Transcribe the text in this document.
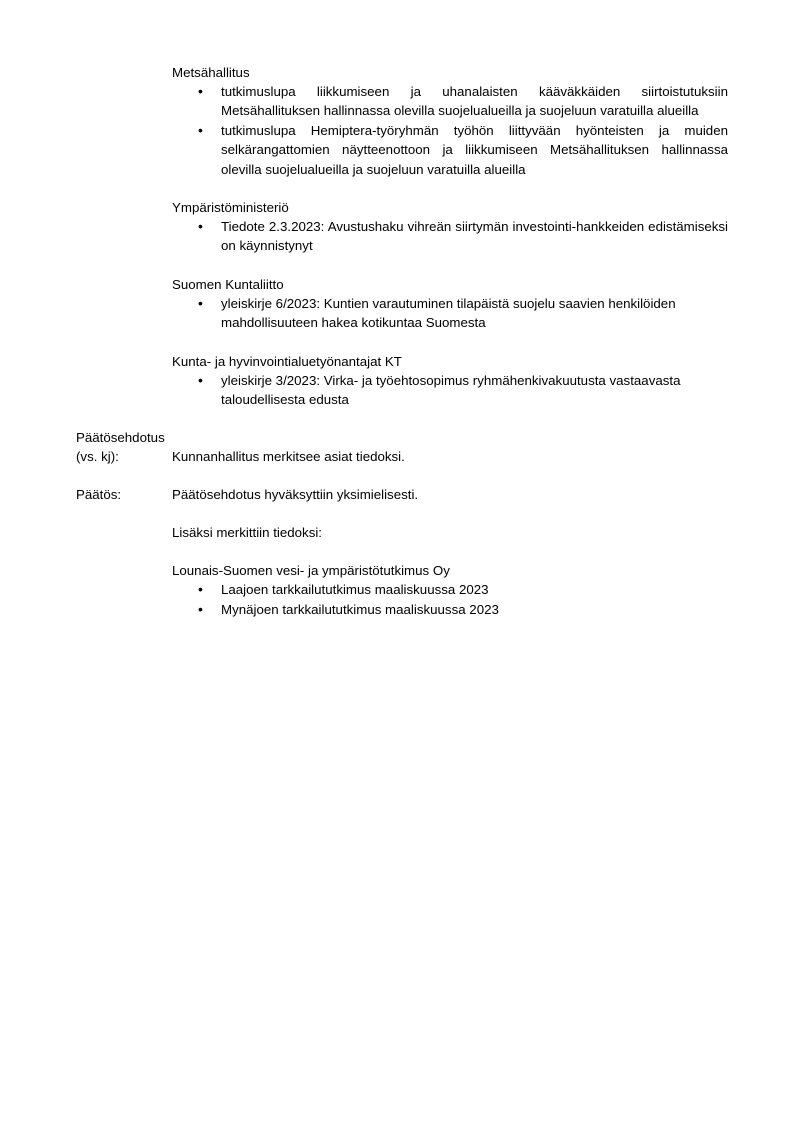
Metsähallitus

• tutkimuslupa liikkumiseen ja uhanalaisten kääväkkäiden siirtoistutuksiin Metsähallituksen hallinnassa olevilla suojelualueilla ja suojeluun varatuilla alueilla
• tutkimuslupa Hemiptera-työryhmän työhön liittyvään hyönteisten ja muiden selkärangattomien näytteenottoon ja liikkumiseen Metsähallituksen hallinnassa olevilla suojelualueilla ja suojeluun varatuilla alueilla

Ympäristöministeriö

• Tiedote 2.3.2023: Avustushaku vihreän siirtymän investointi-hankkeiden edistämiseksi on käynnistynyt

Suomen Kuntaliitto

• yleiskirje 6/2023: Kuntien varautuminen tilapäistä suojelu saavien henkilöiden mahdollisuuteen hakea kotikuntaa Suomesta

Kunta- ja hyvinvointialuetyönantajat KT

• yleiskirje 3/2023: Virka- ja työehtosopimus ryhmähenkivakuutusta vastaavasta taloudellisesta edusta
Päätösehdotus
(vs. kj):	Kunnanhallitus merkitsee asiat tiedoksi.

Päätös:	Päätösehdotus hyväksyttiin yksimielisesti.

Lisäksi merkittiin tiedoksi:

Lounais-Suomen vesi- ja ympäristötutkimus Oy

• Laajoen tarkkailututkimus maaliskuussa 2023
• Mynäjoen tarkkailututkimus maaliskuussa 2023
